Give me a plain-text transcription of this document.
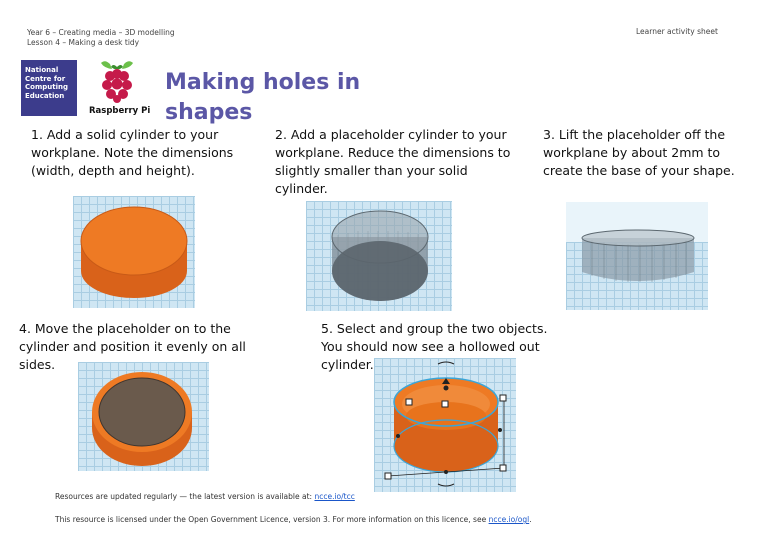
Year 6 – Creating media – 3D modelling
Lesson 4 – Making a desk tidy
Learner activity sheet
National Centre for Computing Education
Raspberry Pi
Making holes in shapes
1. Add a solid cylinder to your workplane. Note the dimensions (width, depth and height).
2. Add a placeholder cylinder to your workplane. Reduce the dimensions to slightly smaller than your solid cylinder.
3. Lift the placeholder off the workplane by about 2mm to create the base of your shape.
4. Move the placeholder on to the cylinder and position it evenly on all sides.
5. Select and group the two objects. You should now see a hollowed out cylinder.
Resources are updated regularly — the latest version is available at: ncce.io/tcc
This resource is licensed under the Open Government Licence, version 3. For more information on this licence, see ncce.io/ogl.
